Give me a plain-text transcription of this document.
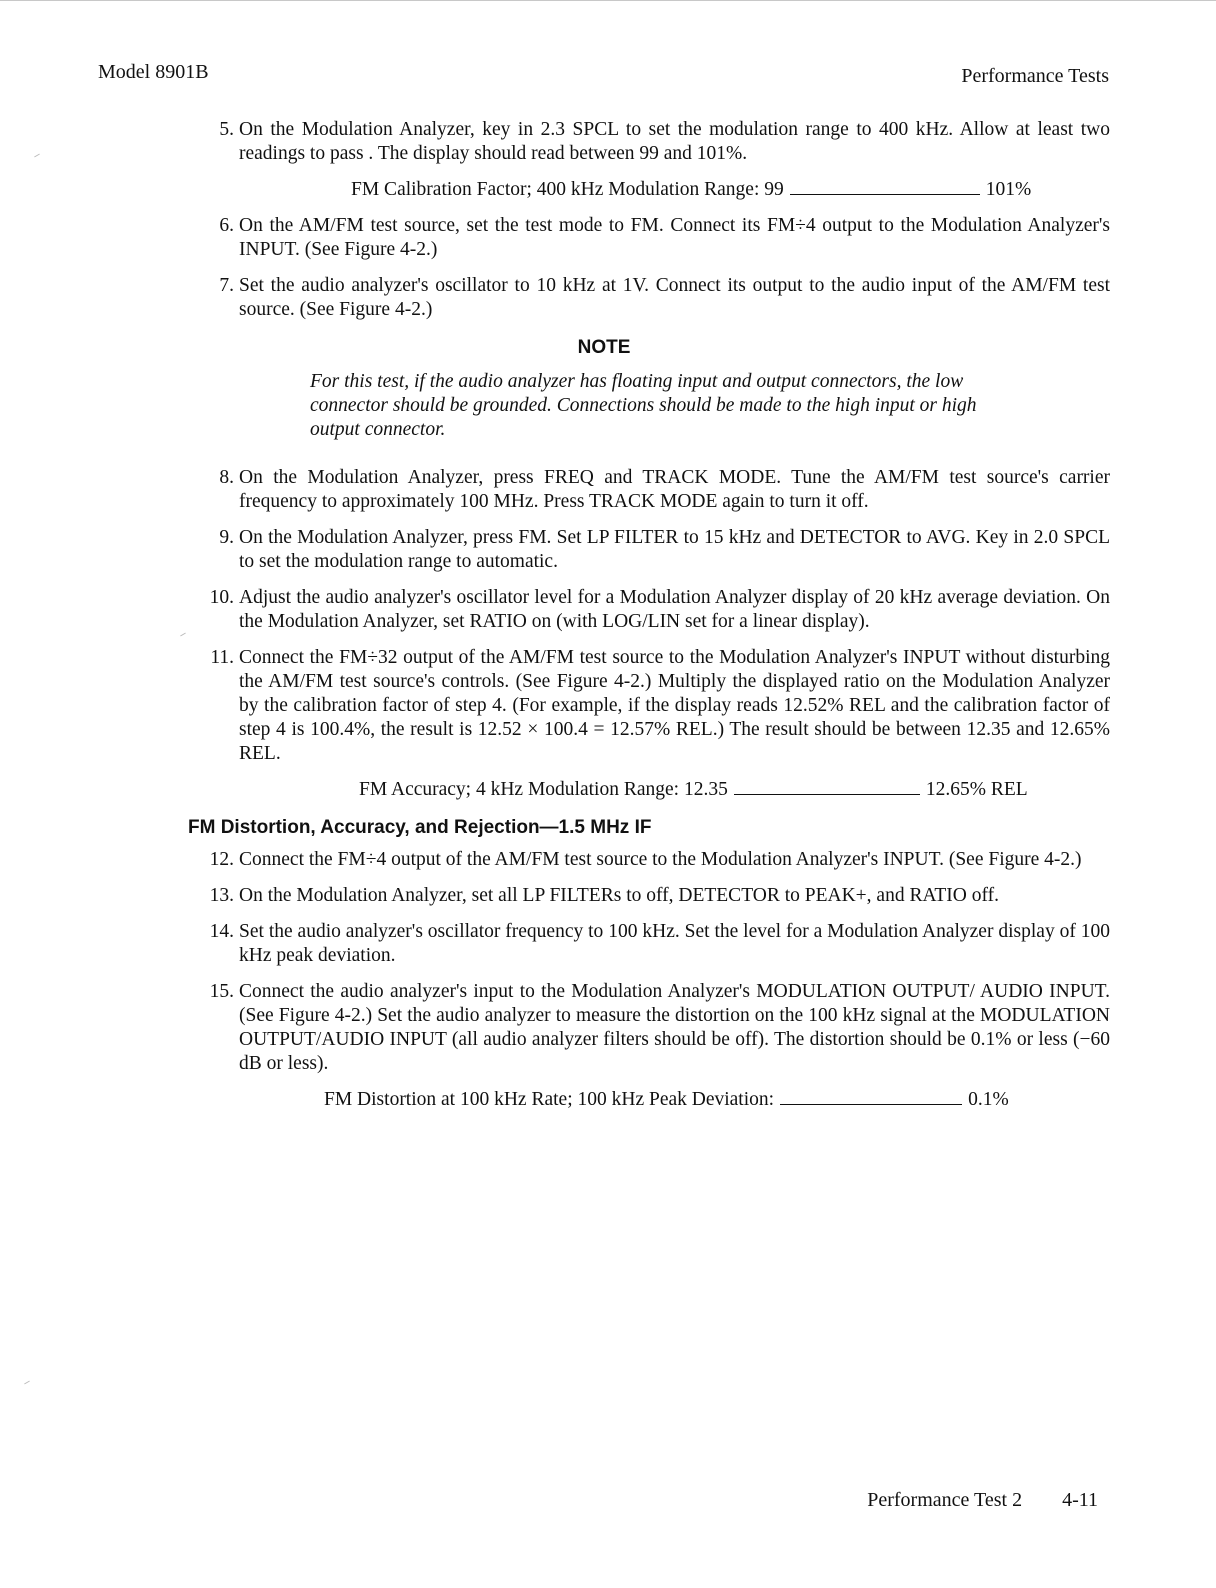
Model 8901B	Performance Tests
5. On the Modulation Analyzer, key in 2.3 SPCL to set the modulation range to 400 kHz. Allow at least two readings to pass . The display should read between 99 and 101%.
FM Calibration Factor; 400 kHz Modulation Range: 99	101%
6. On the AM/FM test source, set the test mode to FM. Connect its FM÷4 output to the Modulation Analyzer's INPUT. (See Figure 4-2.)
7. Set the audio analyzer's oscillator to 10 kHz at 1V. Connect its output to the audio input of the AM/FM test source. (See Figure 4-2.)
NOTE
For this test, if the audio analyzer has floating input and output connectors, the low connector should be grounded. Connections should be made to the high input or high output connector.
8. On the Modulation Analyzer, press FREQ and TRACK MODE. Tune the AM/FM test source's carrier frequency to approximately 100 MHz. Press TRACK MODE again to turn it off.
9. On the Modulation Analyzer, press FM. Set LP FILTER to 15 kHz and DETECTOR to AVG. Key in 2.0 SPCL to set the modulation range to automatic.
10. Adjust the audio analyzer's oscillator level for a Modulation Analyzer display of 20 kHz average deviation. On the Modulation Analyzer, set RATIO on (with LOG/LIN set for a linear display).
11. Connect the FM÷32 output of the AM/FM test source to the Modulation Analyzer's INPUT without disturbing the AM/FM test source's controls. (See Figure 4-2.) Multiply the displayed ratio on the Modulation Analyzer by the calibration factor of step 4. (For example, if the display reads 12.52% REL and the calibration factor of step 4 is 100.4%, the result is 12.52 × 100.4 = 12.57% REL.) The result should be between 12.35 and 12.65% REL.
FM Accuracy; 4 kHz Modulation Range: 12.35	12.65% REL
FM Distortion, Accuracy, and Rejection—1.5 MHz IF
12. Connect the FM÷4 output of the AM/FM test source to the Modulation Analyzer's INPUT. (See Figure 4-2.)
13. On the Modulation Analyzer, set all LP FILTERs to off, DETECTOR to PEAK+, and RATIO off.
14. Set the audio analyzer's oscillator frequency to 100 kHz. Set the level for a Modulation Analyzer display of 100 kHz peak deviation.
15. Connect the audio analyzer's input to the Modulation Analyzer's MODULATION OUTPUT/ AUDIO INPUT. (See Figure 4-2.) Set the audio analyzer to measure the distortion on the 100 kHz signal at the MODULATION OUTPUT/AUDIO INPUT (all audio analyzer filters should be off). The distortion should be 0.1% or less (−60 dB or less).
FM Distortion at 100 kHz Rate; 100 kHz Peak Deviation:	0.1%
Performance Test 2 4-11
